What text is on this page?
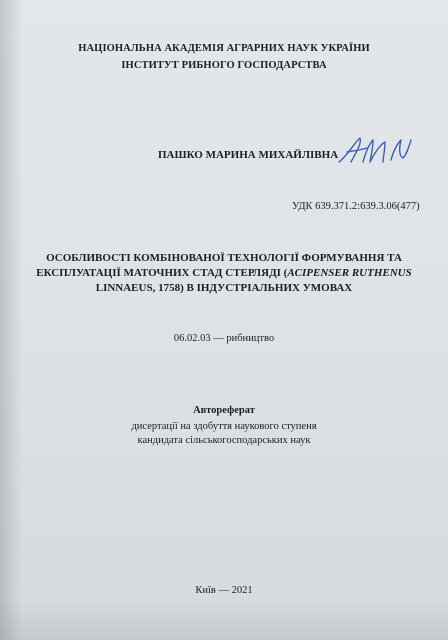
НАЦІОНАЛЬНА АКАДЕМІЯ АГРАРНИХ НАУК УКРАЇНИ

ІНСТИТУТ РИБНОГО ГОСПОДАРСТВА

ПАШКО МАРИНА МИХАЙЛІВНА
УДК 639.371.2:639.3.06(477)

ОСОБЛИВОСТІ КОМБІНОВАНОЇ ТЕХНОЛОГІЇ ФОРМУВАННЯ ТА

ЕКСПЛУАТАЦІЇ МАТОЧНИХ СТАД СТЕРЛЯДІ (ACIPENSER RUTHENUS

LINNAEUS, 1758) В ІНДУСТРІАЛЬНИХ УМОВАХ

06.02.03 — рибництво

Автореферат

дисертації на здобуття наукового ступеня

кандидата сільськогосподарських наук

Київ — 2021
